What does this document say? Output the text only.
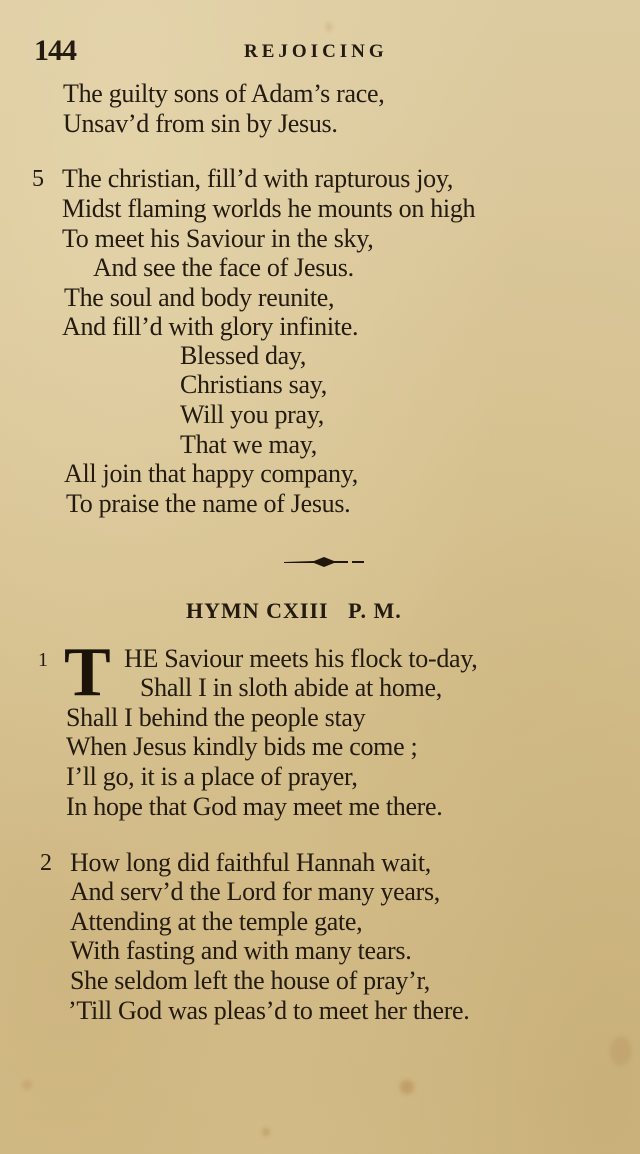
144	REJOICING
The guilty sons of Adam’s race,
Unsav’d from sin by Jesus.
5 The christian, fill’d with rapturous joy,
Midst flaming worlds he mounts on high
To meet his Saviour in the sky,
And see the face of Jesus.
The soul and body reunite,
And fill’d with glory infinite.
Blessed day,
Christians say,
Will you pray,
That we may,
All join that happy company,
To praise the name of Jesus.
HYMN CXIII   P. M.
1 T HE Saviour meets his flock to-day,
Shall I in sloth abide at home,
Shall I behind the people stay
When Jesus kindly bids me come ;
I’ll go, it is a place of prayer,
In hope that God may meet me there.
2 How long did faithful Hannah wait,
And serv’d the Lord for many years,
Attending at the temple gate,
With fasting and with many tears.
She seldom left the house of pray’r,
’Till God was pleas’d to meet her there.
